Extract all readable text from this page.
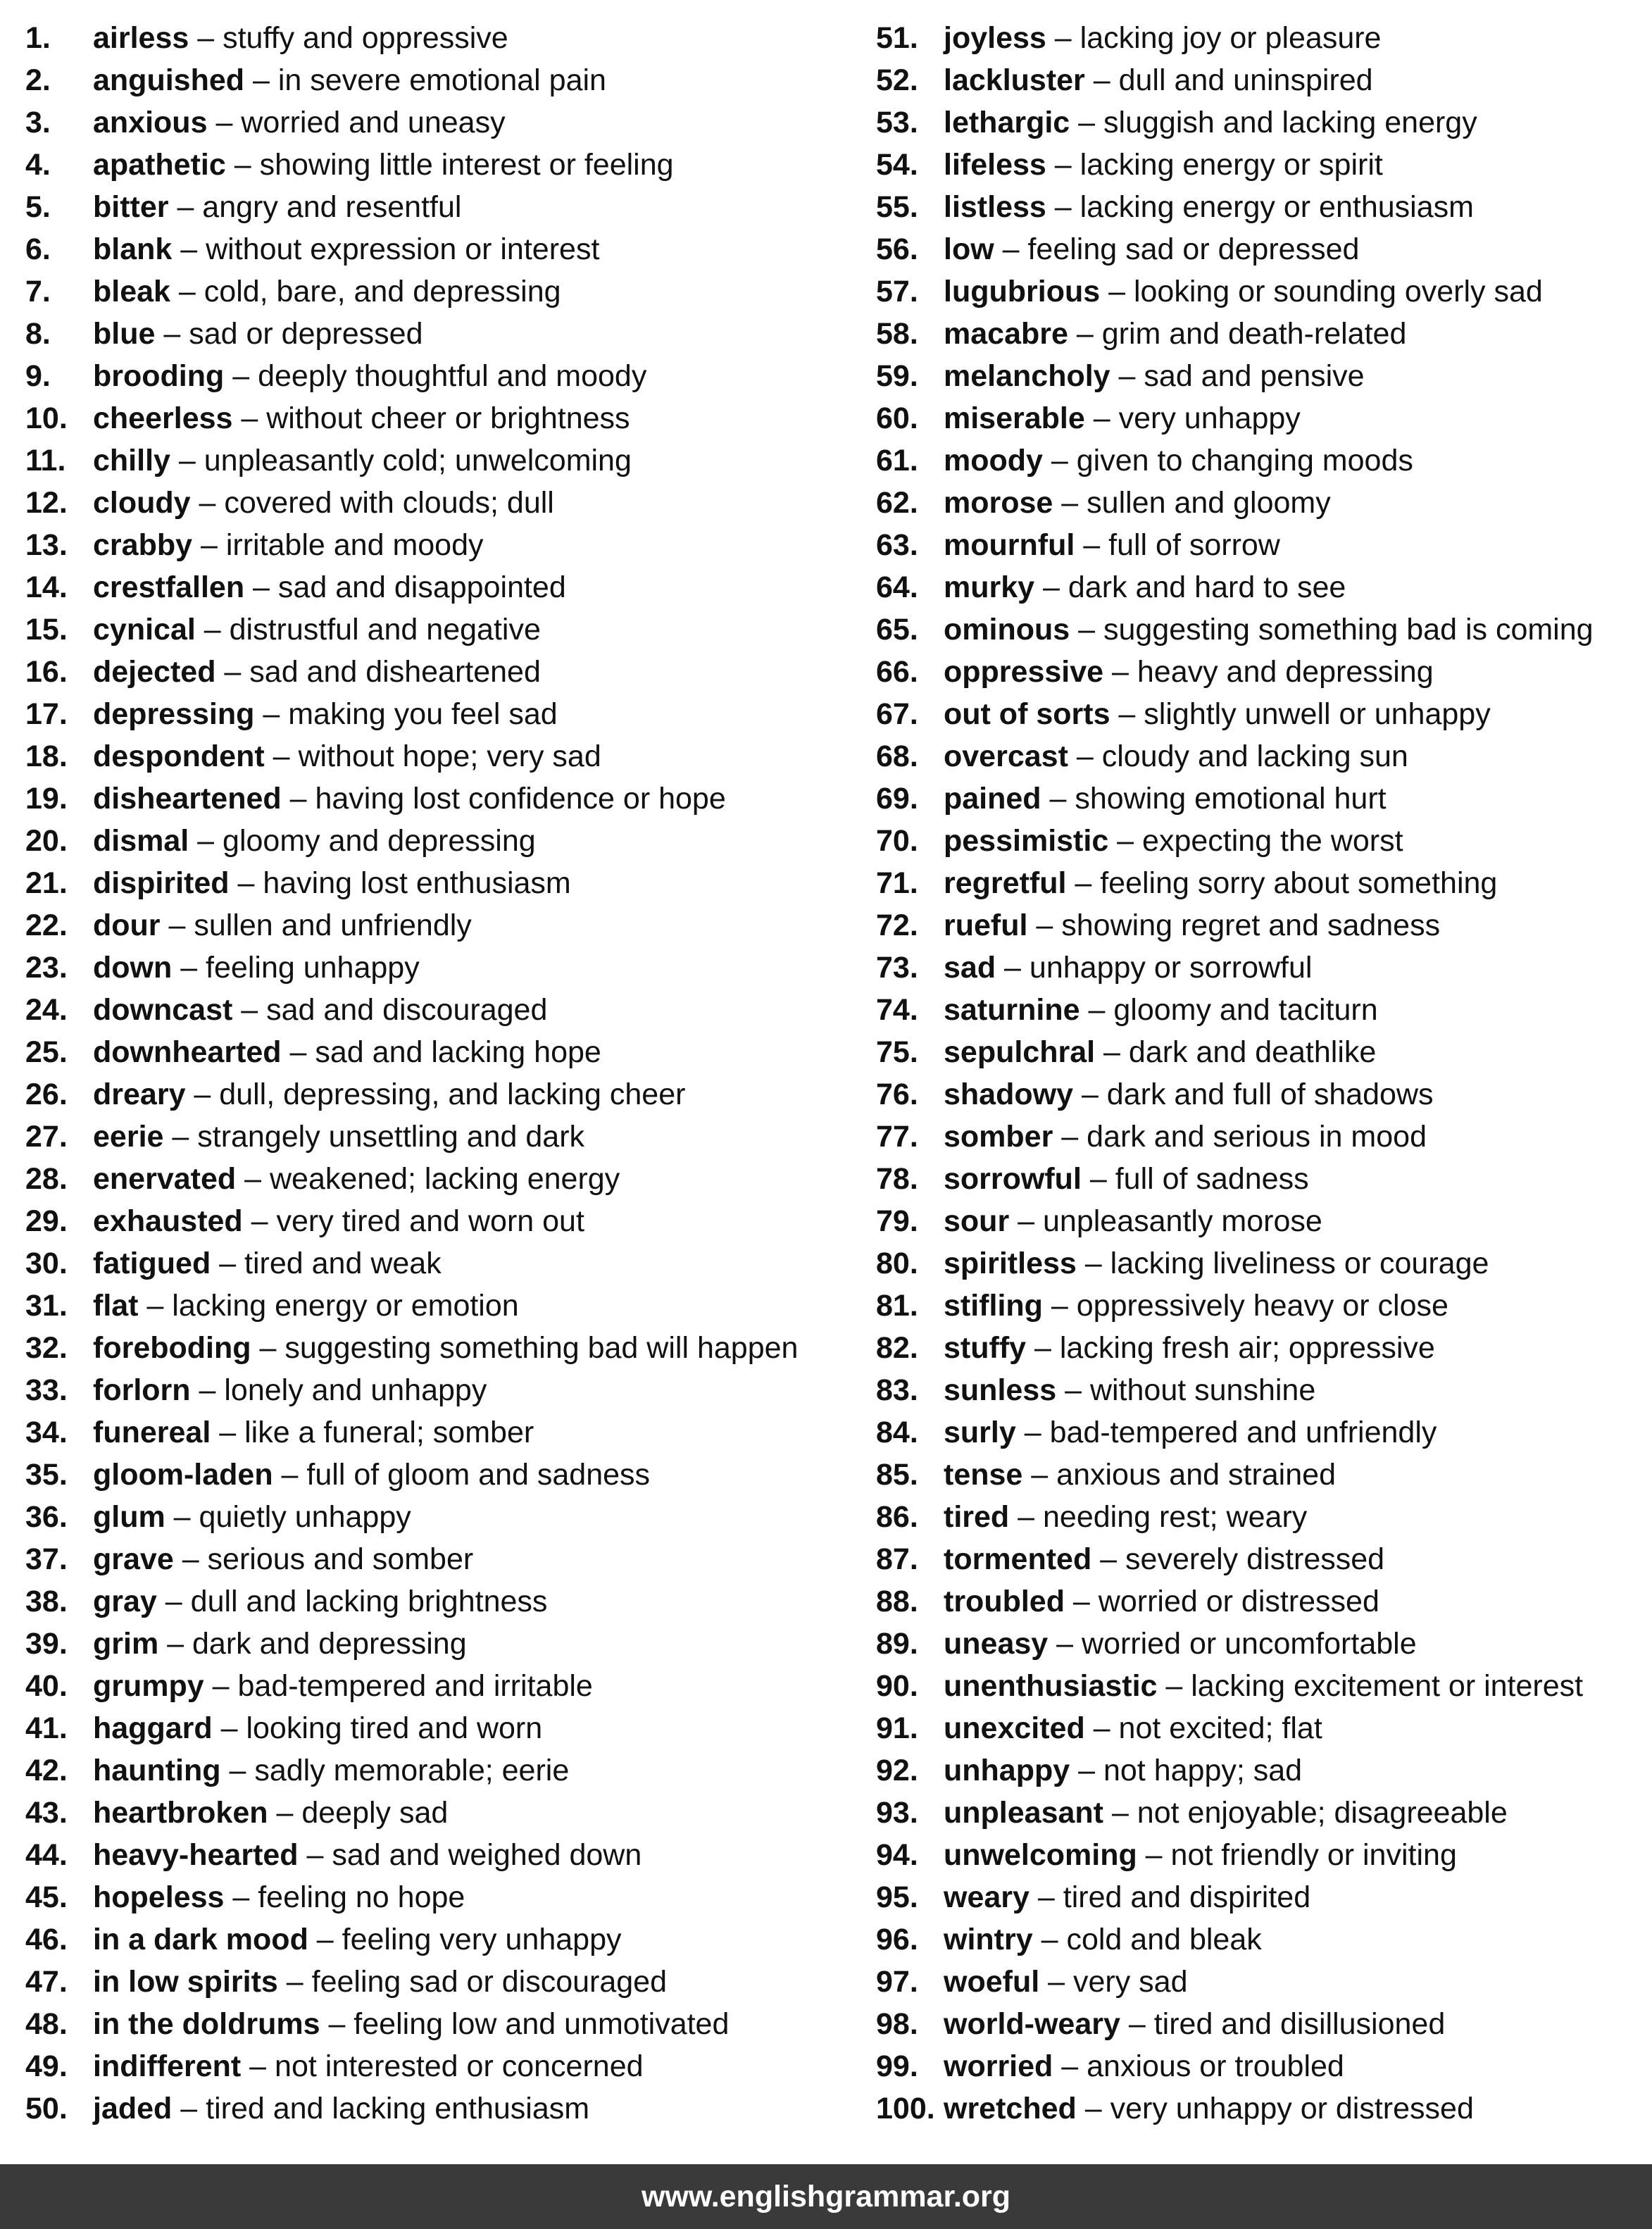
1. airless – stuffy and oppressive
2. anguished – in severe emotional pain
3. anxious – worried and uneasy
4. apathetic – showing little interest or feeling
5. bitter – angry and resentful
6. blank – without expression or interest
7. bleak – cold, bare, and depressing
8. blue – sad or depressed
9. brooding – deeply thoughtful and moody
10. cheerless – without cheer or brightness
11. chilly – unpleasantly cold; unwelcoming
12. cloudy – covered with clouds; dull
13. crabby – irritable and moody
14. crestfallen – sad and disappointed
15. cynical – distrustful and negative
16. dejected – sad and disheartened
17. depressing – making you feel sad
18. despondent – without hope; very sad
19. disheartened – having lost confidence or hope
20. dismal – gloomy and depressing
21. dispirited – having lost enthusiasm
22. dour – sullen and unfriendly
23. down – feeling unhappy
24. downcast – sad and discouraged
25. downhearted – sad and lacking hope
26. dreary – dull, depressing, and lacking cheer
27. eerie – strangely unsettling and dark
28. enervated – weakened; lacking energy
29. exhausted – very tired and worn out
30. fatigued – tired and weak
31. flat – lacking energy or emotion
32. foreboding – suggesting something bad will happen
33. forlorn – lonely and unhappy
34. funereal – like a funeral; somber
35. gloom-laden – full of gloom and sadness
36. glum – quietly unhappy
37. grave – serious and somber
38. gray – dull and lacking brightness
39. grim – dark and depressing
40. grumpy – bad-tempered and irritable
41. haggard – looking tired and worn
42. haunting – sadly memorable; eerie
43. heartbroken – deeply sad
44. heavy-hearted – sad and weighed down
45. hopeless – feeling no hope
46. in a dark mood – feeling very unhappy
47. in low spirits – feeling sad or discouraged
48. in the doldrums – feeling low and unmotivated
49. indifferent – not interested or concerned
50. jaded – tired and lacking enthusiasm
51. joyless – lacking joy or pleasure
52. lackluster – dull and uninspired
53. lethargic – sluggish and lacking energy
54. lifeless – lacking energy or spirit
55. listless – lacking energy or enthusiasm
56. low – feeling sad or depressed
57. lugubrious – looking or sounding overly sad
58. macabre – grim and death-related
59. melancholy – sad and pensive
60. miserable – very unhappy
61. moody – given to changing moods
62. morose – sullen and gloomy
63. mournful – full of sorrow
64. murky – dark and hard to see
65. ominous – suggesting something bad is coming
66. oppressive – heavy and depressing
67. out of sorts – slightly unwell or unhappy
68. overcast – cloudy and lacking sun
69. pained – showing emotional hurt
70. pessimistic – expecting the worst
71. regretful – feeling sorry about something
72. rueful – showing regret and sadness
73. sad – unhappy or sorrowful
74. saturnine – gloomy and taciturn
75. sepulchral – dark and deathlike
76. shadowy – dark and full of shadows
77. somber – dark and serious in mood
78. sorrowful – full of sadness
79. sour – unpleasantly morose
80. spiritless – lacking liveliness or courage
81. stifling – oppressively heavy or close
82. stuffy – lacking fresh air; oppressive
83. sunless – without sunshine
84. surly – bad-tempered and unfriendly
85. tense – anxious and strained
86. tired – needing rest; weary
87. tormented – severely distressed
88. troubled – worried or distressed
89. uneasy – worried or uncomfortable
90. unenthusiastic – lacking excitement or interest
91. unexcited – not excited; flat
92. unhappy – not happy; sad
93. unpleasant – not enjoyable; disagreeable
94. unwelcoming – not friendly or inviting
95. weary – tired and dispirited
96. wintry – cold and bleak
97. woeful – very sad
98. world-weary – tired and disillusioned
99. worried – anxious or troubled
100. wretched – very unhappy or distressed
www.englishgrammar.org
